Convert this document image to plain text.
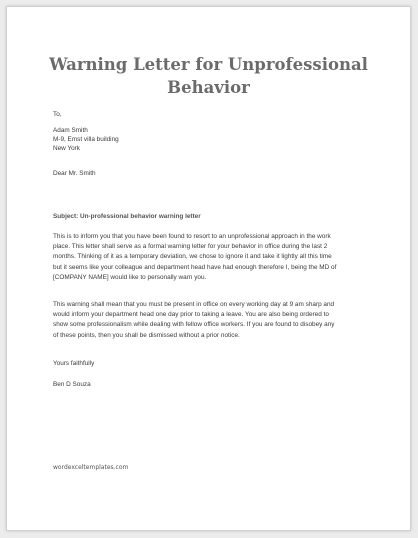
Warning Letter for Unprofessional
Behavior
To,
Adam Smith
M-9, Emst villa building
New York
Dear Mr. Smith
Subject: Un-professional behavior warning letter
This is to inform you that you have been found to resort to an unprofessional approach in the work
place. This letter shall serve as a formal warning letter for your behavior in office during the last 2
months. Thinking of it as a temporary deviation, we chose to ignore it and take it lightly all this time
but it seems like your colleague and department head have had enough therefore I, being the MD of
[COMPANY NAME] would like to personally warn you.
This warning shall mean that you must be present in office on every working day at 9 am sharp and
would inform your department head one day prior to taking a leave. You are also being ordered to
show some professionalism while dealing with fellow office workers. If you are found to disobey any
of these points, then you shall be dismissed without a prior notice.
Yours faithfully
Ben D Souza
wordexceltemplates.com
